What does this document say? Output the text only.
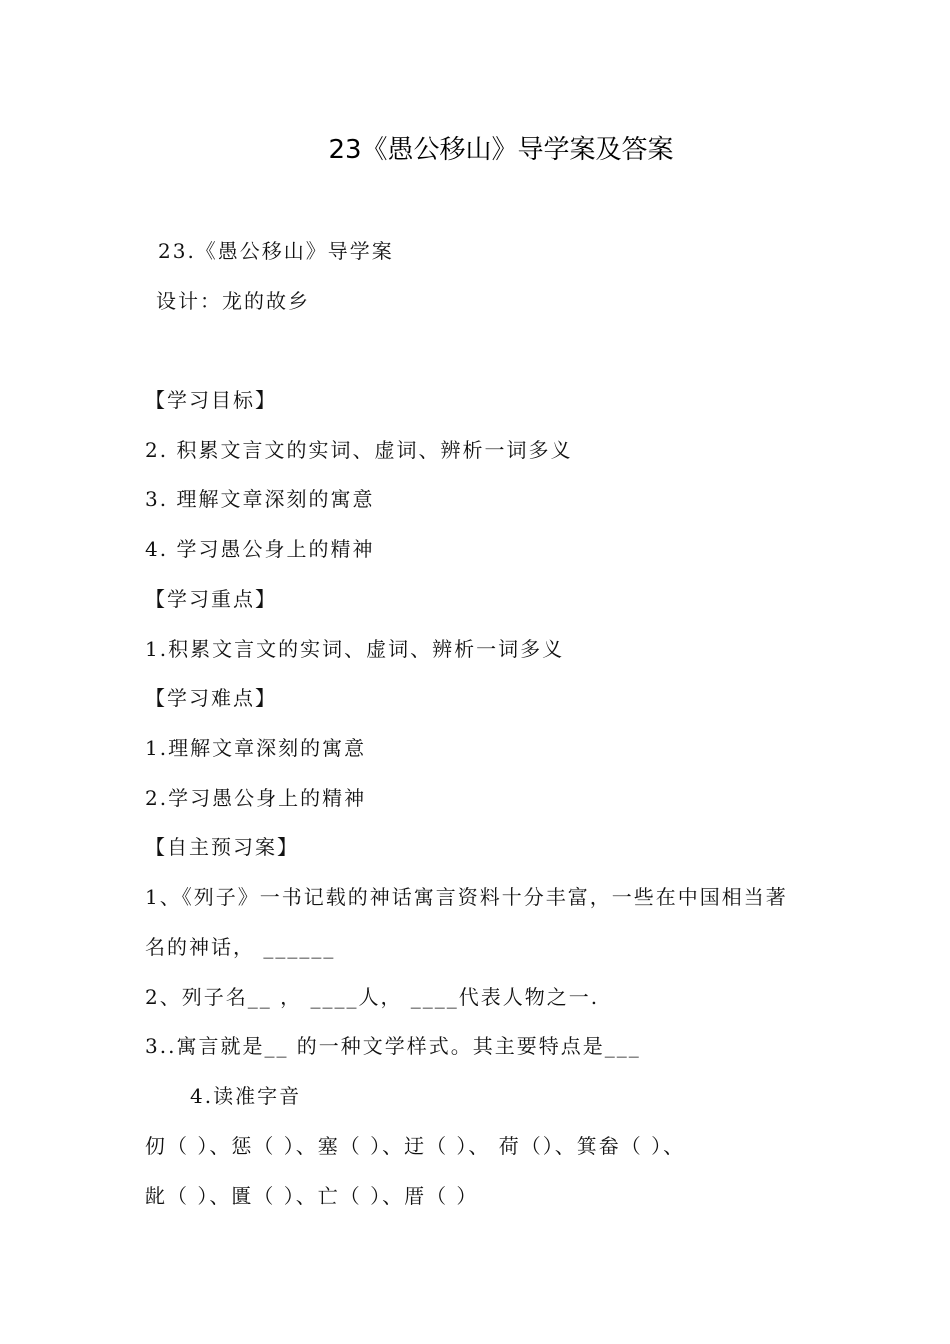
23《愚公移山》导学案及答案
23.《愚公移山》导学案
设计：龙的故乡
【学习目标】
2. 积累文言文的实词、虚词、辨析一词多义
3. 理解文章深刻的寓意
4. 学习愚公身上的精神
【学习重点】
1.积累文言文的实词、虚词、辨析一词多义
【学习难点】
1.理解文章深刻的寓意
2.学习愚公身上的精神
【自主预习案】
1、《列子》一书记载的神话寓言资料十分丰富，一些在中国相当著
名的神话， ______
2、列子名__ ， ____人， ____代表人物之一.
3..寓言就是__ 的一种文学样式。其主要特点是___
4.读准字音
仞（ ）、惩（ ）、塞（ ）、迂（ ）、 荷（）、箕畚（ ）、
龀（ ）、匱（ ）、亡（ ）、厝（ ）
